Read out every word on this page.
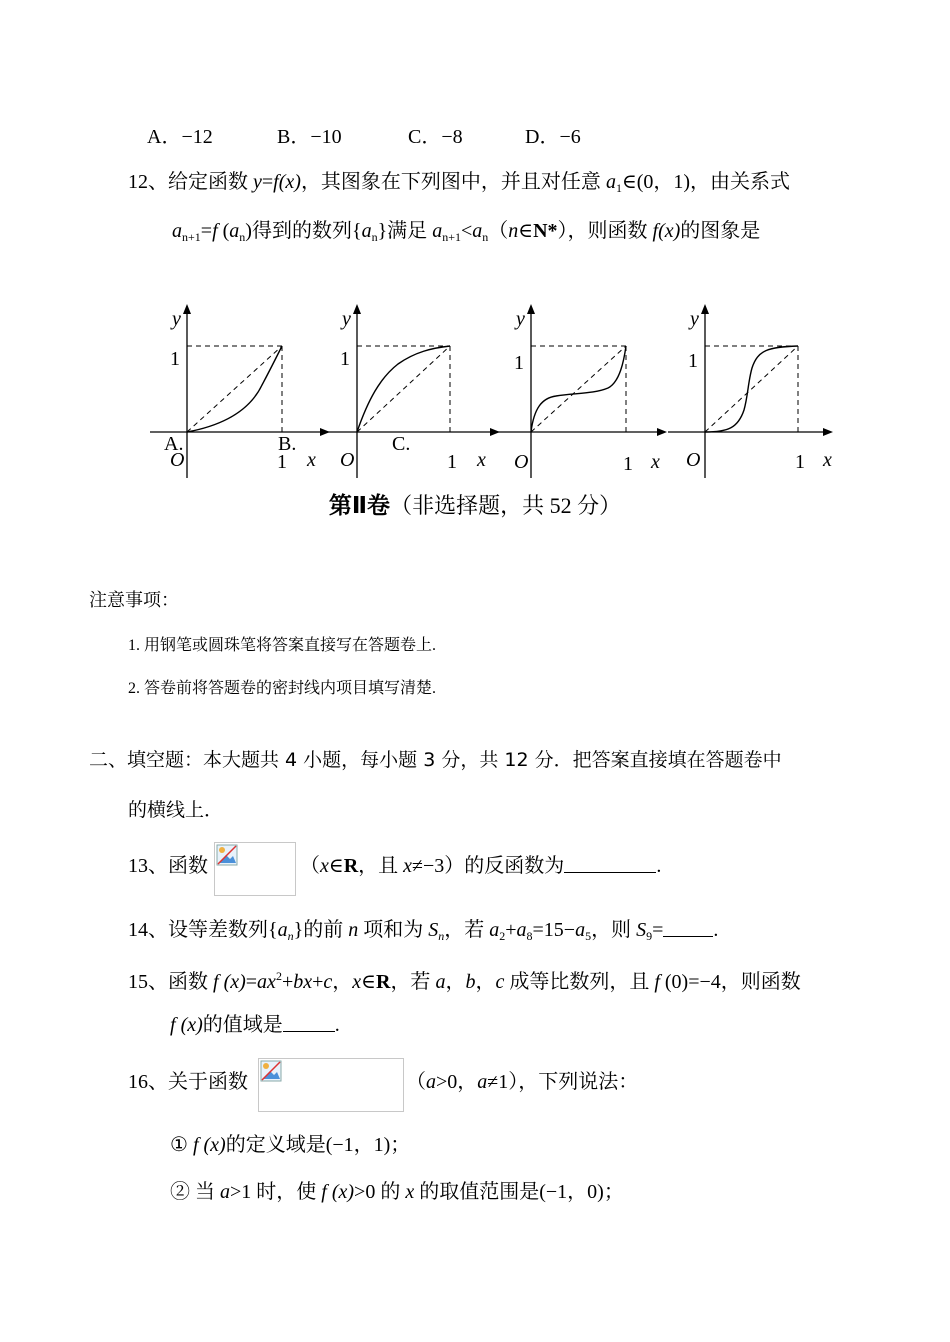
A．−12	B．−10	C．−8	D．−6
12、给定函数 y=f(x)，其图象在下列图中，并且对任意 $a_1\in(0$，1)，由关系式
$a_{n+1}=f$ $(a_n)$得到的数列$\{a_n\}$满足 $a_{n+1}<a_n(n\in N*)$，则函数 f(x)的图象是
y
1
A.
O	1 x
y
1
B.
O	1 x
y
1
C.
O	1 x
y
1
O	1 x
第Ⅱ卷（非选择题，共 52 分）
注意事项：
1. 用钢笔或圆珠笔将答案直接写在答题卷上.
2. 答卷前将答题卷的密封线内项目填写清楚.
二、填空题：本大题共 4 小题，每小题 3 分，共 12 分．把答案直接填在答题卷中
的横线上．
13、函数	（x∈R，且 x≠−3）的反函数为	.
14、设等差数列$\{a_n\}$的前 n 项和为 $S_n$，若 $a_2+a_8=15-a_5$，则 $S_9=$	.
15、函数 f $(x)=ax^2+bx+c$，x∈R，若 a，b，c 成等比数列，且 f (0)=−4，则函数
f (x)的值域是	.
16、关于函数	（a>0，a≠1），下列说法：
① f (x)的定义域是(−1，1)；
② 当 a>1 时，使 f (x)>0 的 x 的取值范围是(−1，0)；
